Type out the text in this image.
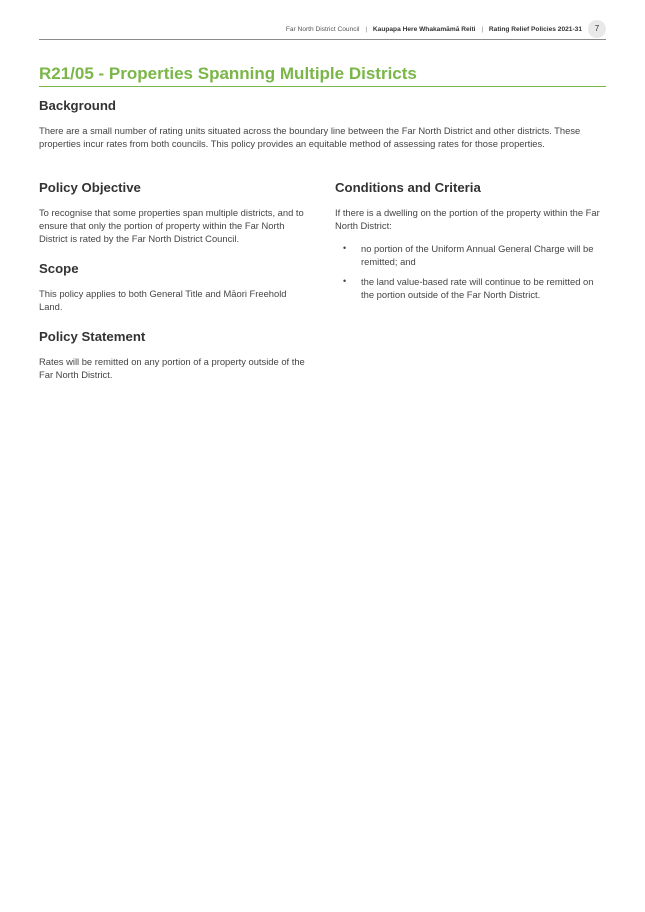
Far North District Council | Kaupapa Here Whakamāmā Reiti | Rating Relief Policies 2021-31	7
R21/05 - Properties Spanning Multiple Districts
Background

There are a small number of rating units situated across the boundary line between the Far North District and other districts. These properties incur rates from both councils. This policy provides an equitable method of assessing rates for those properties.

Policy Objective

To recognise that some properties span multiple districts, and to ensure that only the portion of property within the Far North District is rated by the Far North District Council.

Scope

This policy applies to both General Title and Māori Freehold Land.

Policy Statement

Rates will be remitted on any portion of a property outside of the Far North District.

Conditions and Criteria

If there is a dwelling on the portion of the property within the Far North District:

• no portion of the Uniform Annual General Charge will be remitted; and
• the land value-based rate will continue to be remitted on the portion outside of the Far North District.
